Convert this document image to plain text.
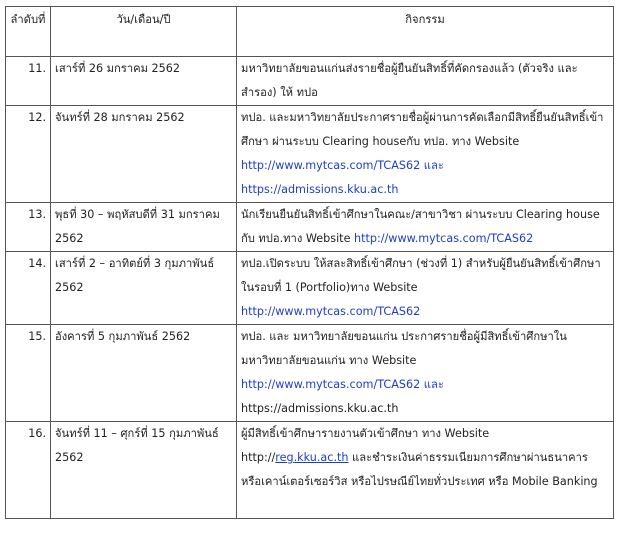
ลำดับที่	วัน/เดือน/ปี	กิจกรรม
11.	เสาร์ที่ 26 มกราคม 2562	มหาวิทยาลัยขอนแก่นส่งรายชื่อผู้ยืนยันสิทธิ์ที่คัดกรองแล้ว (ตัวจริง และ สำรอง) ให้ ทปอ
12.	จันทร์ที่ 28 มกราคม 2562	ทปอ. และมหาวิทยาลัยประกาศรายชื่อผู้ผ่านการคัดเลือกมีสิทธิ์ยืนยันสิทธิ์เข้าศึกษา ผ่านระบบ Clearing houseกับ ทปอ. ทาง Website
http://www.mytcas.com/TCAS62 และ
https://admissions.kku.ac.th
13.	พุธที่ 30 – พฤหัสบดีที่ 31 มกราคม 2562	นักเรียนยืนยันสิทธิ์เข้าศึกษาในคณะ/สาขาวิชา ผ่านระบบ Clearing house กับ ทปอ.ทาง Website http://www.mytcas.com/TCAS62
14.	เสาร์ที่ 2 – อาทิตย์ที่ 3 กุมภาพันธ์ 2562	ทปอ.เปิดระบบ ให้สละสิทธิ์เข้าศึกษา (ช่วงที่ 1) สำหรับผู้ยืนยันสิทธิ์เข้าศึกษาในรอบที่ 1 (Portfolio)ทาง Website
http://www.mytcas.com/TCAS62
15.	อังคารที่ 5 กุมภาพันธ์ 2562	ทปอ. และ มหาวิทยาลัยขอนแก่น ประกาศรายชื่อผู้มีสิทธิ์เข้าศึกษาใน มหาวิทยาลัยขอนแก่น ทาง Website
http://www.mytcas.com/TCAS62 และ
https://admissions.kku.ac.th
16.	จันทร์ที่ 11 – ศุกร์ที่ 15 กุมภาพันธ์ 2562	ผู้มีสิทธิ์เข้าศึกษารายงานตัวเข้าศึกษา ทาง Website
http://reg.kku.ac.th และชำระเงินค่าธรรมเนียมการศึกษาผ่านธนาคาร หรือเคาน์เตอร์เซอร์วิส หรือไปรษณีย์ไทยทั่วประเทศ หรือ Mobile Banking
